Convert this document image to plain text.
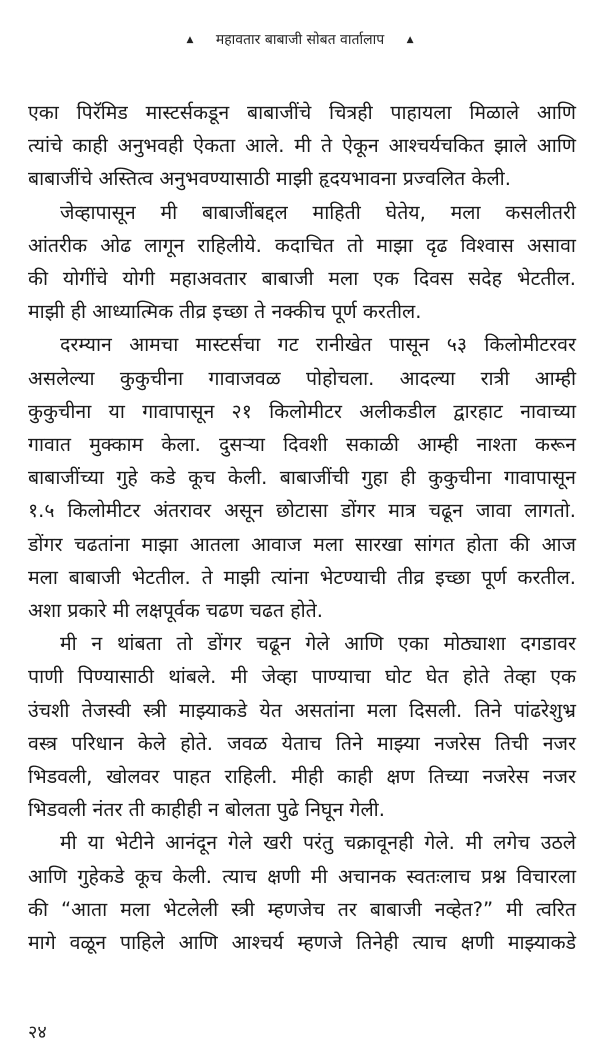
▲ महावतार बाबाजी सोबत वार्तालाप ▲

एका पिरॅमिड मास्टर्सकडून बाबाजींचे चित्रही पाहायला मिळाले आणि
त्यांचे काही अनुभवही ऐकता आले. मी ते ऐकून आश्चर्यचकित झाले आणि
बाबाजींचे अस्तित्व अनुभवण्यासाठी माझी हृदयभावना प्रज्वलित केली.

जेव्हापासून मी बाबाजींबद्दल माहिती घेतेय, मला कसलीतरी
आंतरीक ओढ लागून राहिलीये. कदाचित तो माझा दृढ विश्वास असावा
की योगींचे योगी महाअवतार बाबाजी मला एक दिवस सदेह भेटतील.
माझी ही आध्यात्मिक तीव्र इच्छा ते नक्कीच पूर्ण करतील.

दरम्यान आमचा मास्टर्सचा गट रानीखेत पासून ५३ किलोमीटरवर
असलेल्या कुकुचीना गावाजवळ पोहोचला. आदल्या रात्री आम्ही
कुकुचीना या गावापासून २१ किलोमीटर अलीकडील द्वारहाट नावाच्या
गावात मुक्काम केला. दुसऱ्या दिवशी सकाळी आम्ही नाश्ता करून
बाबाजींच्या गुहे कडे कूच केली. बाबाजींची गुहा ही कुकुचीना गावापासून
१.५ किलोमीटर अंतरावर असून छोटासा डोंगर मात्र चढून जावा लागतो.
डोंगर चढतांना माझा आतला आवाज मला सारखा सांगत होता की आज
मला बाबाजी भेटतील. ते माझी त्यांना भेटण्याची तीव्र इच्छा पूर्ण करतील.
अशा प्रकारे मी लक्षपूर्वक चढण चढत होते.

मी न थांबता तो डोंगर चढून गेले आणि एका मोठ्याशा दगडावर
पाणी पिण्यासाठी थांबले. मी जेव्हा पाण्याचा घोट घेत होते तेव्हा एक
उंचशी तेजस्वी स्त्री माझ्याकडे येत असतांना मला दिसली. तिने पांढरेशुभ्र
वस्त्र परिधान केले होते. जवळ येताच तिने माझ्या नजरेस तिची नजर
भिडवली, खोलवर पाहत राहिली. मीही काही क्षण तिच्या नजरेस नजर
भिडवली नंतर ती काहीही न बोलता पुढे निघून गेली.

मी या भेटीने आनंदून गेले खरी परंतु चक्रावूनही गेले. मी लगेच उठले
आणि गुहेकडे कूच केली. त्याच क्षणी मी अचानक स्वतःलाच प्रश्न विचारला
की “आता मला भेटलेली स्त्री म्हणजेच तर बाबाजी नव्हेत?” मी त्वरित
मागे वळून पाहिले आणि आश्चर्य म्हणजे तिनेही त्याच क्षणी माझ्याकडे

२४
